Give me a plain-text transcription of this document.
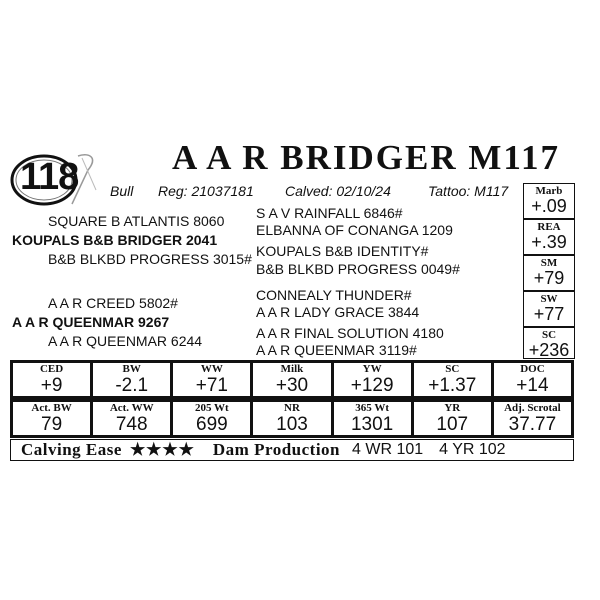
118	A A R BRIDGER M117
Bull Reg: 21037181 Calved: 02/10/24	Tattoo: M117
SQUARE B ATLANTIS 8060
KOUPALS B&B BRIDGER 2041
B&B BLKBD PROGRESS 3015#
S A V RAINFALL 6846#
ELBANNA OF CONANGA 1209
KOUPALS B&B IDENTITY#
B&B BLKBD PROGRESS 0049#
A A R CREED 5802#
A A R QUEENMAR 9267
A A R QUEENMAR 6244
CONNEALY THUNDER#
A A R LADY GRACE 3844
A A R FINAL SOLUTION 4180
A A R QUEENMAR 3119#
Marb
+.09
REA
+.39
SM
+79
SW
+77
SC
+236
CED
+9
BW
-2.1
WW
+71
Milk
+30
YW
+129
SC
+1.37
DOC
+14
Act. BW
79
Act. WW
748
205 Wt
699
NR
103
365 Wt
1301
YR
107
Adj. Scrotal
37.77
Calving Ease ★★★★ Dam Production 4 WR 101 4 YR 102
